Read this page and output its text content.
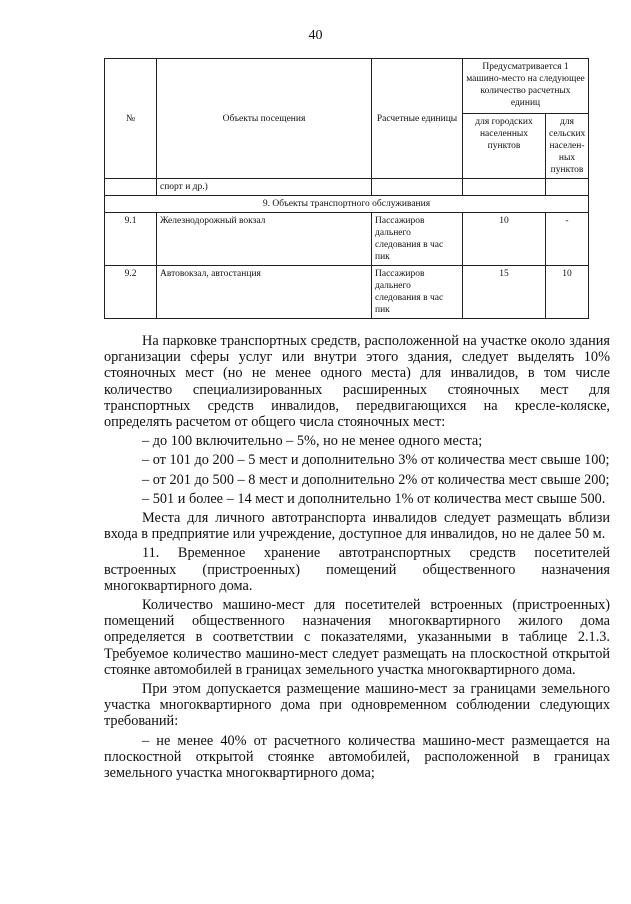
40
№	Объекты посещения	Расчетные единицы	Предусматривается 1 машино-место на следующее количество расчетных единиц	
			для городских населенных пунктов	для сельских населен-ных пунктов
	спорт и др.)			
9. Объекты транспортного обслуживания				
9.1	Железнодорожный вокзал	Пассажиров дальнего следования в час пик	10	-
9.2	Автовокзал, автостанция	Пассажиров дальнего следования в час пик	15	10

На парковке транспортных средств, расположенной на участке около здания организации сферы услуг или внутри этого здания, следует выделять 10% стояночных мест (но не менее одного места) для инвалидов, в том числе количество специализированных расширенных стояночных мест для транспортных средств инвалидов, передвигающихся на кресле-коляске, определять расчетом от общего числа стояночных мест:

– до 100 включительно – 5%, но не менее одного места;

– от 101 до 200 – 5 мест и дополнительно 3% от количества мест свыше 100;

– от 201 до 500 – 8 мест и дополнительно 2% от количества мест свыше 200;

– 501 и более – 14 мест и дополнительно 1% от количества мест свыше 500.

Места для личного автотранспорта инвалидов следует размещать вблизи входа в предприятие или учреждение, доступное для инвалидов, но не далее 50 м.

11. Временное хранение автотранспортных средств посетителей встроенных (пристроенных) помещений общественного назначения многоквартирного дома.

Количество машино-мест для посетителей встроенных (пристроенных) помещений общественного назначения многоквартирного жилого дома определяется в соответствии с показателями, указанными в таблице 2.1.3. Требуемое количество машино-мест следует размещать на плоскостной открытой стоянке автомобилей в границах земельного участка многоквартирного дома.

При этом допускается размещение машино-мест за границами земельного участка многоквартирного дома при одновременном соблюдении следующих требований:

– не менее 40% от расчетного количества машино-мест размещается на плоскостной открытой стоянке автомобилей, расположенной в границах земельного участка многоквартирного дома;
